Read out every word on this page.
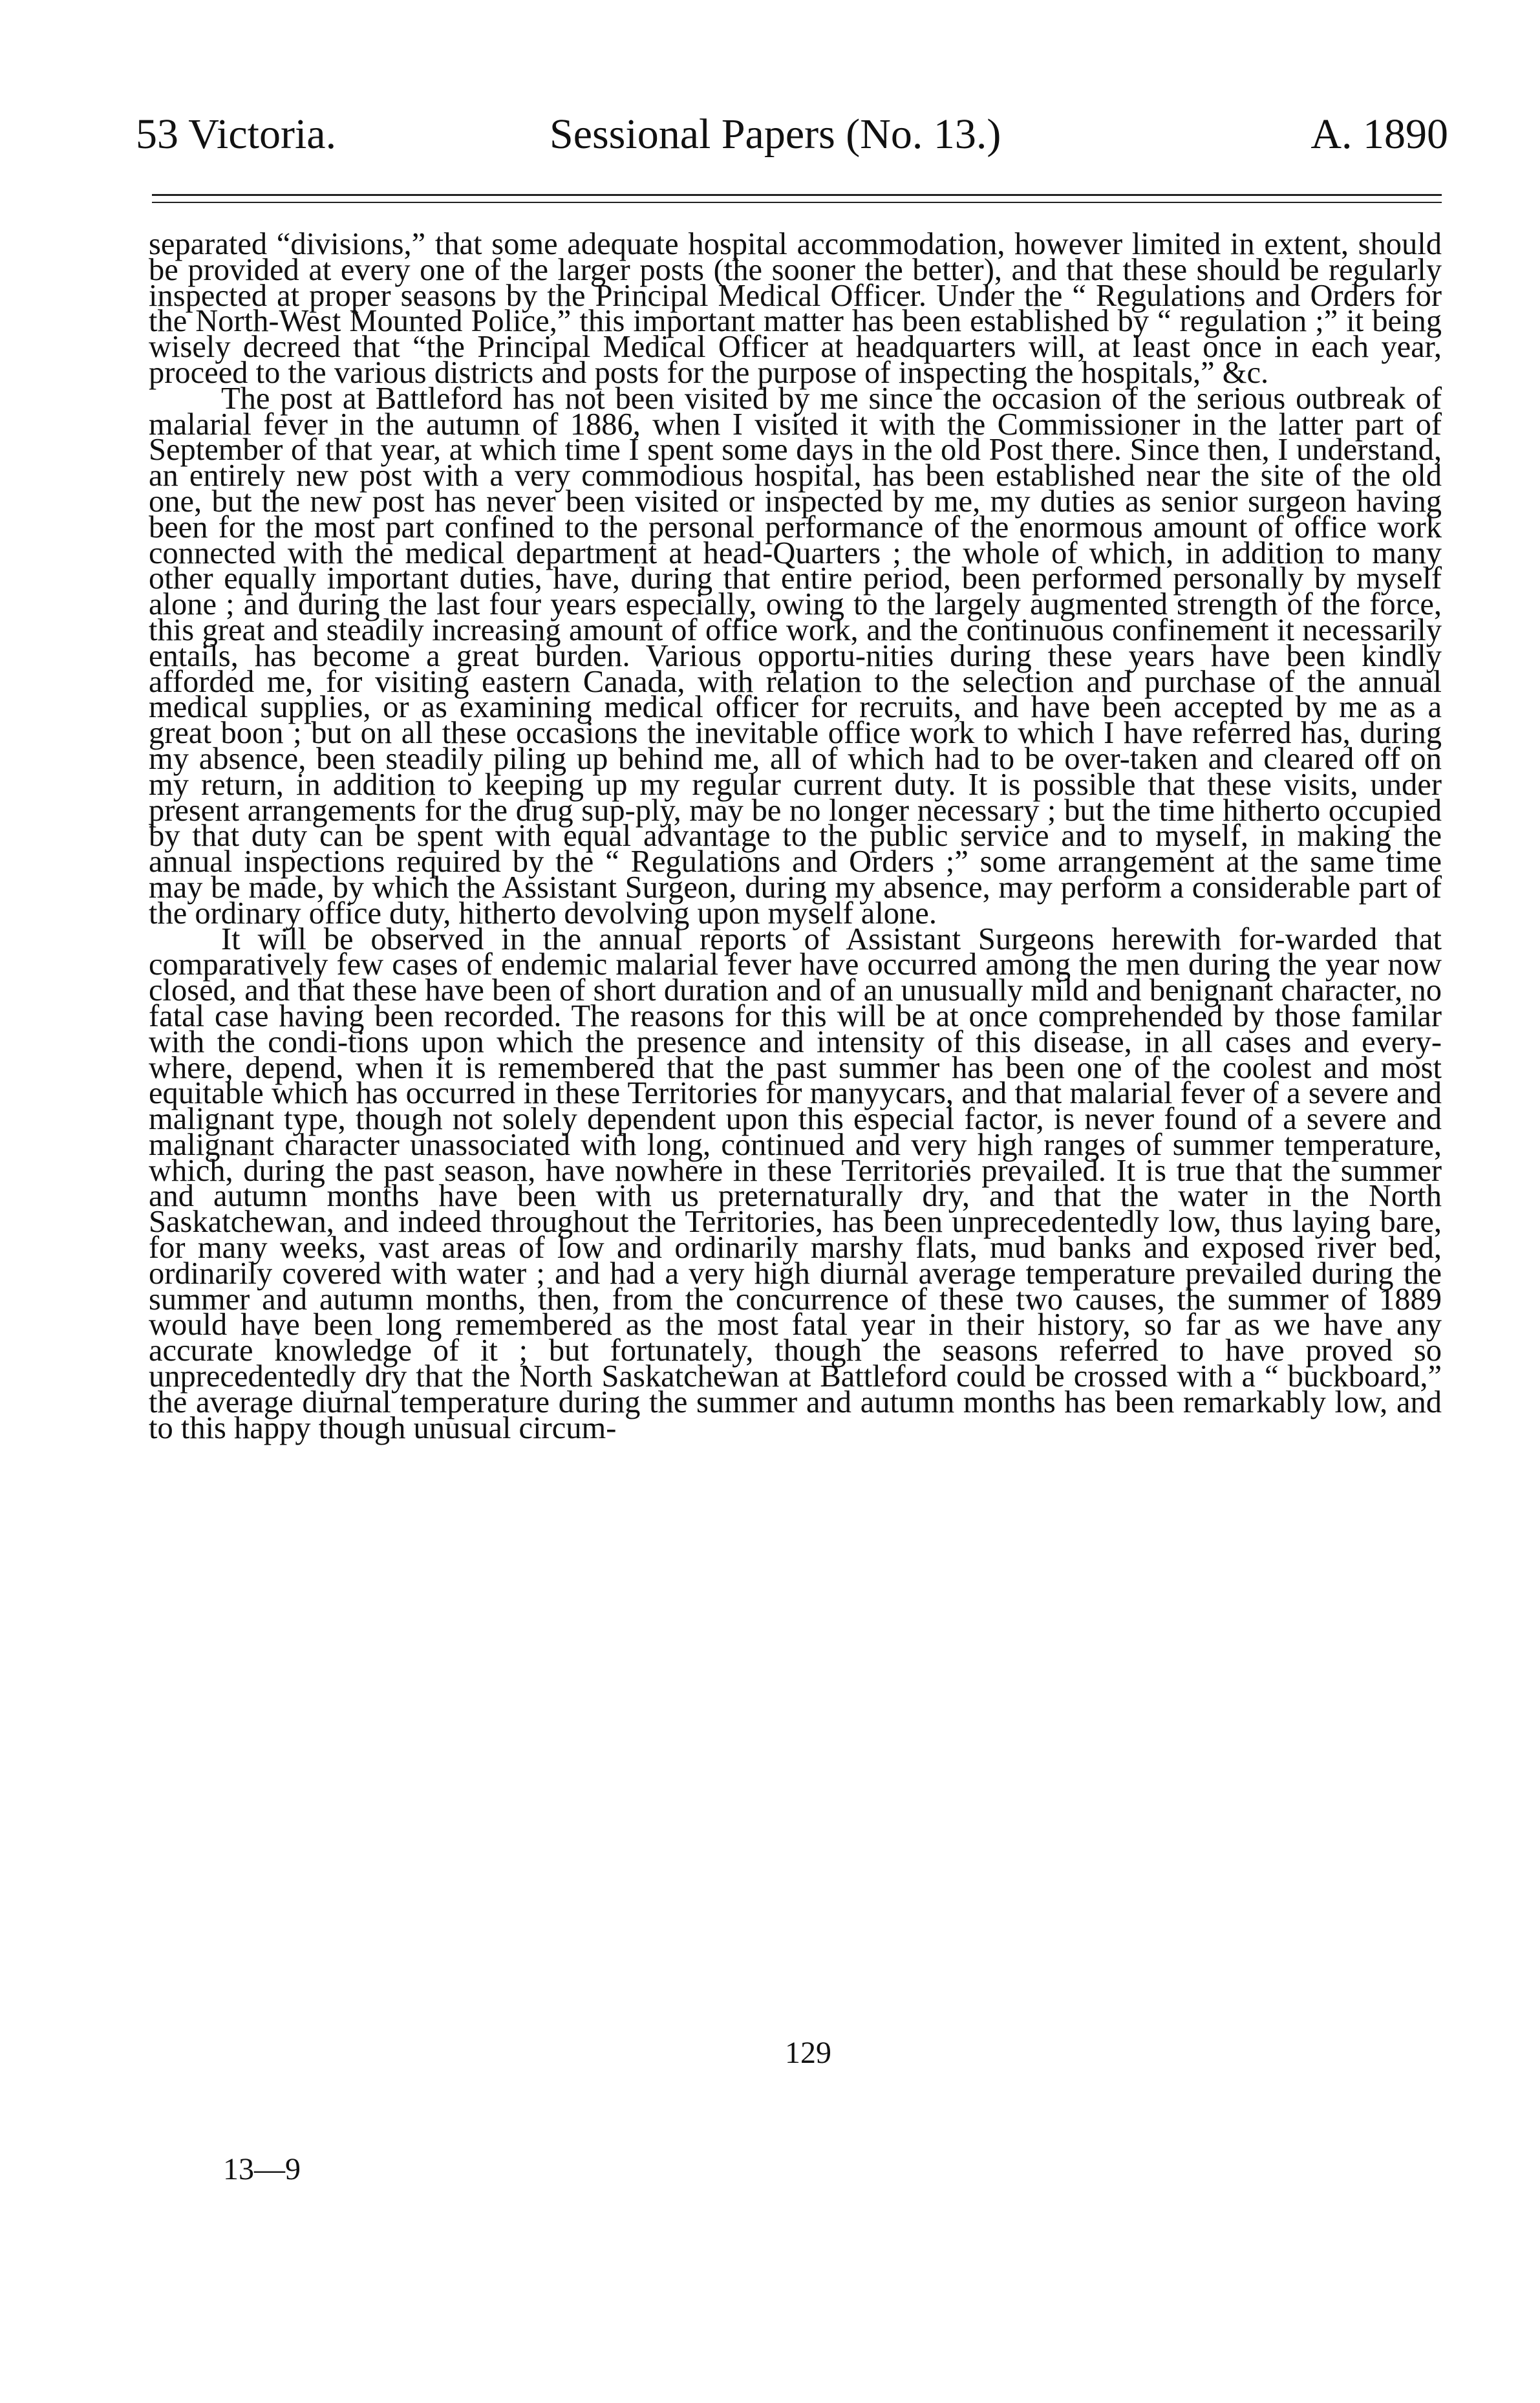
53 Victoria.	Sessional Papers (No. 13.)	A. 1890

separated “divisions,” that some adequate hospital accommodation, however limited in extent, should be provided at every one of the larger posts (the sooner the better), and that these should be regularly inspected at proper seasons by the Principal Medical Officer. Under the “ Regulations and Orders for the North-West Mounted Police,” this important matter has been established by “ regulation ;” it being wisely decreed that “the Principal Medical Officer at headquarters will, at least once in each year, proceed to the various districts and posts for the purpose of inspecting the hospitals,” &c.

The post at Battleford has not been visited by me since the occasion of the serious outbreak of malarial fever in the autumn of 1886, when I visited it with the Commissioner in the latter part of September of that year, at which time I spent some days in the old Post there. Since then, I understand, an entirely new post with a very commodious hospital, has been established near the site of the old one, but the new post has never been visited or inspected by me, my duties as senior surgeon having been for the most part confined to the personal performance of the enormous amount of office work connected with the medical department at head-Quarters ; the whole of which, in addition to many other equally important duties, have, during that entire period, been performed personally by myself alone ; and during the last four years especially, owing to the largely augmented strength of the force, this great and steadily increasing amount of office work, and the continuous confinement it necessarily entails, has become a great burden. Various opportu-nities during these years have been kindly afforded me, for visiting eastern Canada, with relation to the selection and purchase of the annual medical supplies, or as examining medical officer for recruits, and have been accepted by me as a great boon ; but on all these occasions the inevitable office work to which I have referred has, during my absence, been steadily piling up behind me, all of which had to be over-taken and cleared off on my return, in addition to keeping up my regular current duty. It is possible that these visits, under present arrangements for the drug sup-ply, may be no longer necessary ; but the time hitherto occupied by that duty can be spent with equal advantage to the public service and to myself, in making the annual inspections required by the “ Regulations and Orders ;” some arrangement at the same time may be made, by which the Assistant Surgeon, during my absence, may perform a considerable part of the ordinary office duty, hitherto devolving upon myself alone.

It will be observed in the annual reports of Assistant Surgeons herewith for-warded that comparatively few cases of endemic malarial fever have occurred among the men during the year now closed, and that these have been of short duration and of an unusually mild and benignant character, no fatal case having been recorded. The reasons for this will be at once comprehended by those familar with the condi-tions upon which the presence and intensity of this disease, in all cases and every-where, depend, when it is remembered that the past summer has been one of the coolest and most equitable which has occurred in these Territories for manyycars, and that malarial fever of a severe and malignant type, though not solely dependent upon this especial factor, is never found of a severe and malignant character unassociated with long, continued and very high ranges of summer temperature, which, during the past season, have nowhere in these Territories prevailed. It is true that the summer and autumn months have been with us preternaturally dry, and that the water in the North Saskatchewan, and indeed throughout the Territories, has been unprecedentedly low, thus laying bare, for many weeks, vast areas of low and ordinarily marshy flats, mud banks and exposed river bed, ordinarily covered with water ; and had a very high diurnal average temperature prevailed during the summer and autumn months, then, from the concurrence of these two causes, the summer of 1889 would have been long remembered as the most fatal year in their history, so far as we have any accurate knowledge of it ; but fortunately, though the seasons referred to have proved so unprecedentedly dry that the North Saskatchewan at Battleford could be crossed with a “ buckboard,” the average diurnal temperature during the summer and autumn months has been remarkably low, and to this happy though unusual circum-

129
13—9
